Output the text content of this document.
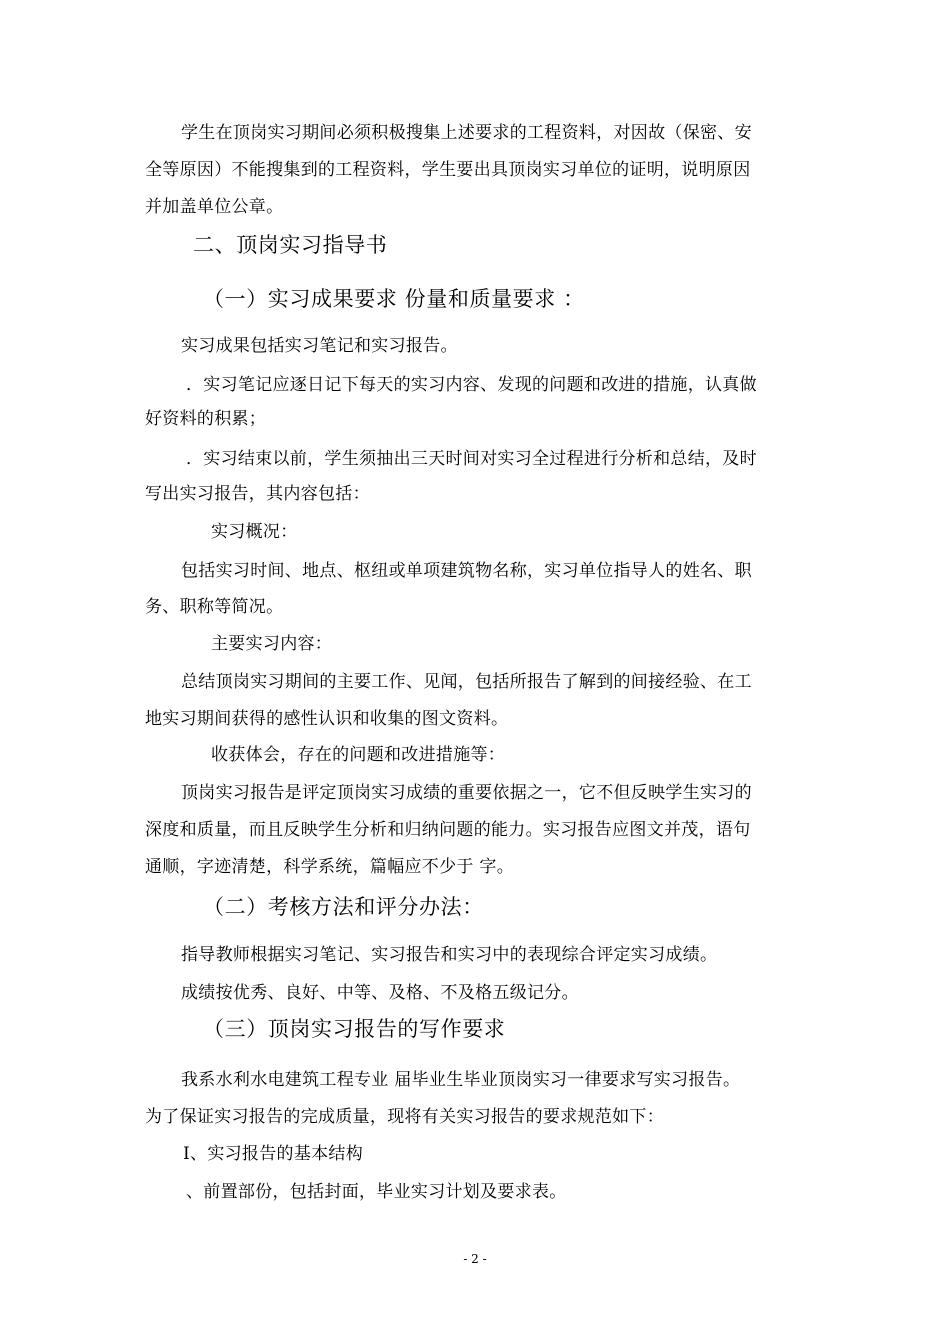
学生在顶岗实习期间必须积极搜集上述要求的工程资料，对因故（保密、安
全等原因）不能搜集到的工程资料，学生要出具顶岗实习单位的证明，说明原因
并加盖单位公章。
二、顶岗实习指导书
（一）实习成果要求 份量和质量要求 ：
实习成果包括实习笔记和实习报告。
．实习笔记应逐日记下每天的实习内容、发现的问题和改进的措施，认真做
好资料的积累；
．实习结束以前，学生须抽出三天时间对实习全过程进行分析和总结，及时
写出实习报告，其内容包括：
实习概况：
包括实习时间、地点、枢纽或单项建筑物名称，实习单位指导人的姓名、职
务、职称等简况。
主要实习内容：
总结顶岗实习期间的主要工作、见闻，包括所报告了解到的间接经验、在工
地实习期间获得的感性认识和收集的图文资料。
收获体会，存在的问题和改进措施等：
顶岗实习报告是评定顶岗实习成绩的重要依据之一，它不但反映学生实习的
深度和质量，而且反映学生分析和归纳问题的能力。实习报告应图文并茂，语句
通顺，字迹清楚，科学系统，篇幅应不少于 字。
（二）考核方法和评分办法：
指导教师根据实习笔记、实习报告和实习中的表现综合评定实习成绩。
成绩按优秀、良好、中等、及格、不及格五级记分。
（三）顶岗实习报告的写作要求
我系水利水电建筑工程专业 届毕业生毕业顶岗实习一律要求写实习报告。
为了保证实习报告的完成质量，现将有关实习报告的要求规范如下：
Ⅰ、实习报告的基本结构
、前置部份，包括封面，毕业实习计划及要求表。
- 2 -
